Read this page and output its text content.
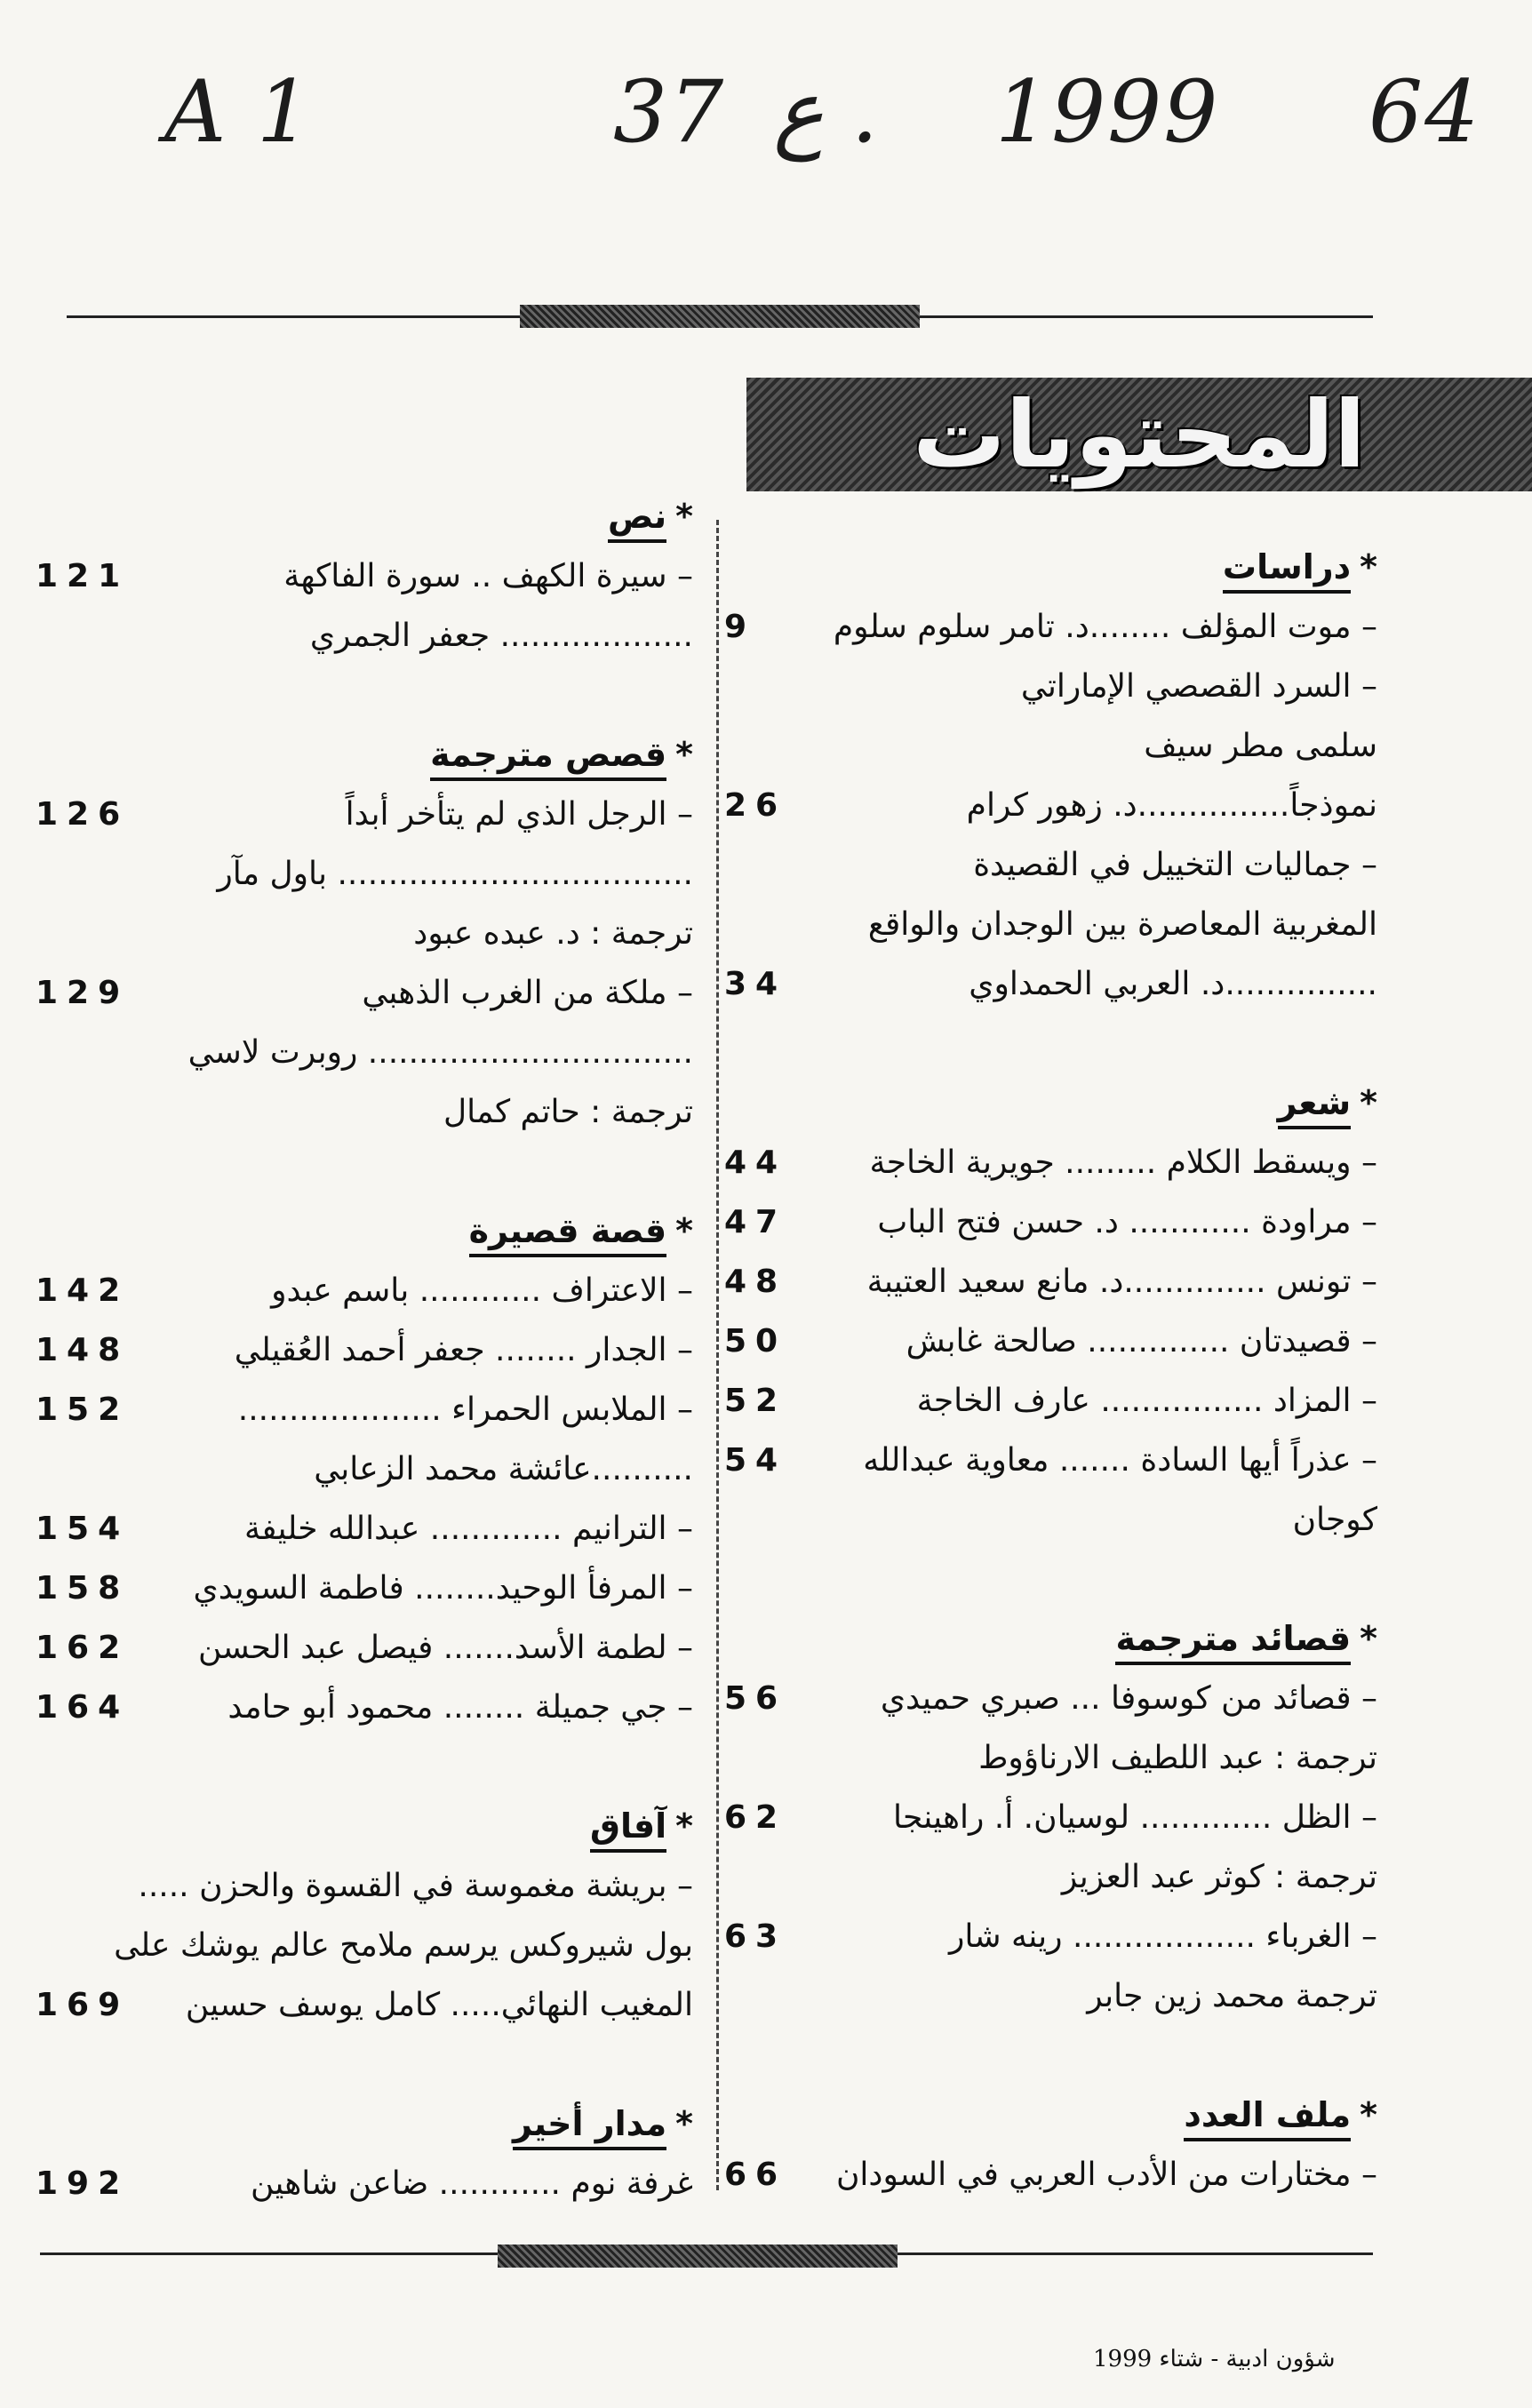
A 1	37 . ع 1999 64
المحتويات
*دراسات
– موت المؤلف ........د. تامر سلوم سلوم
9
– السرد القصصي الإماراتي
سلمى مطر سيف
نموذجاً...............د. زهور كرام
26
– جماليات التخييل في القصيدة
المغربية المعاصرة بين الوجدان والواقع
...............د. العربي الحمداوي
34
*شعر
– ويسقط الكلام ......... جويرية الخاجة
44
– مراودة ............ د. حسن فتح الباب
47
– تونس ..............د. مانع سعيد العتيبة
48
– قصيدتان .............. صالحة غابش
50
– المزاد ................ عارف الخاجة
52
– عذراً أيها السادة ....... معاوية عبدالله
54
كوجان
*قصائد مترجمة
– قصائد من كوسوفا ... صبري حميدي
56
ترجمة : عبد اللطيف الارناؤوط
– الظل ............. لوسيان. أ. راهينجا
62
ترجمة : كوثر عبد العزيز
– الغرباء .................. رينه شار
63
ترجمة محمد زين جابر
*ملف العدد
– مختارات من الأدب العربي في السودان
66
*نص
– سيرة الكهف .. سورة الفاكهة
121
................... جعفر الجمري
*قصص مترجمة
– الرجل الذي لم يتأخر أبداً
126
................................... باول مآر
ترجمة : د. عبده عبود
– ملكة من الغرب الذهبي
129
................................ روبرت لاسي
ترجمة : حاتم كمال
*قصة قصيرة
– الاعتراف ............ باسم عبدو
142
– الجدار ........ جعفر أحمد العُقيلي
148
– الملابس الحمراء ....................
152
..........عائشة محمد الزعابي
– الترانيم ............. عبدالله خليفة
154
– المرفأ الوحيد........ فاطمة السويدي
158
– لطمة الأسد....... فيصل عبد الحسن
162
– جي جميلة ........ محمود أبو حامد
164
*آفاق
– بريشة مغموسة في القسوة والحزن .....
بول شيروكس يرسم ملامح عالم يوشك على
المغيب النهائي..... كامل يوسف حسين
169
*مدار أخير
غرفة نوم ............ ضاعن شاهين
192
شؤون ادبية - شتاء 1999
